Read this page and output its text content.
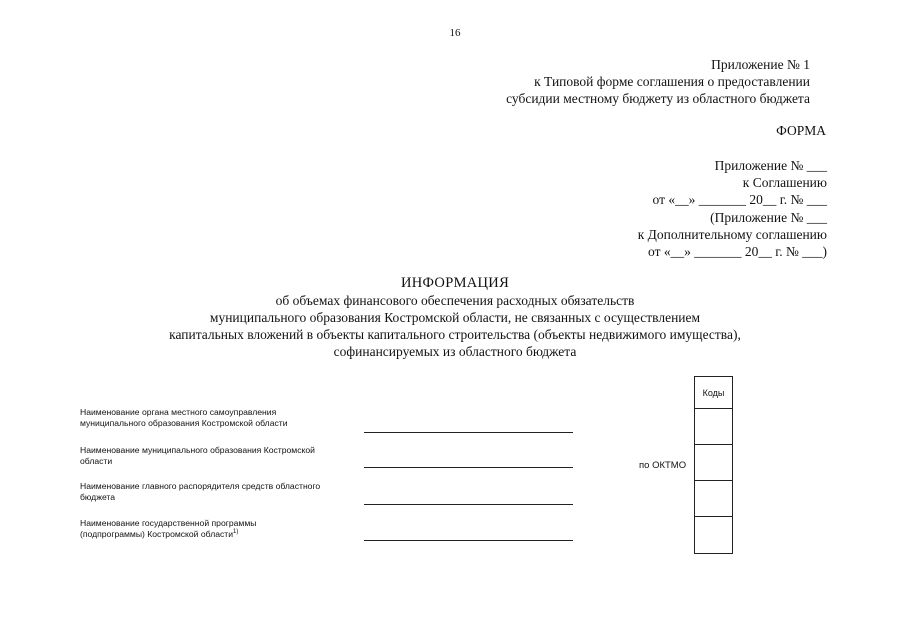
16
Приложение № 1
к Типовой форме соглашения о предоставлении
субсидии местному бюджету из областного бюджета
ФОРМА
Приложение № ___
к Соглашению
от «__» _______ 20__ г. № ___
(Приложение № ___
к Дополнительному соглашению
от «__» _______ 20__ г. № ___)
ИНФОРМАЦИЯ
об объемах финансового обеспечения расходных обязательств
муниципального образования Костромской области, не связанных с осуществлением
капитальных вложений в объекты капитального строительства (объекты недвижимого имущества),
софинансируемых из областного бюджета
Наименование органа местного самоуправления
муниципального образования Костромской области
Наименование муниципального образования Костромской
области
Наименование главного распорядителя средств областного
бюджета
Наименование государственной программы
(подпрограммы) Костромской области$^{1)}$
по ОКТМО
Коды
